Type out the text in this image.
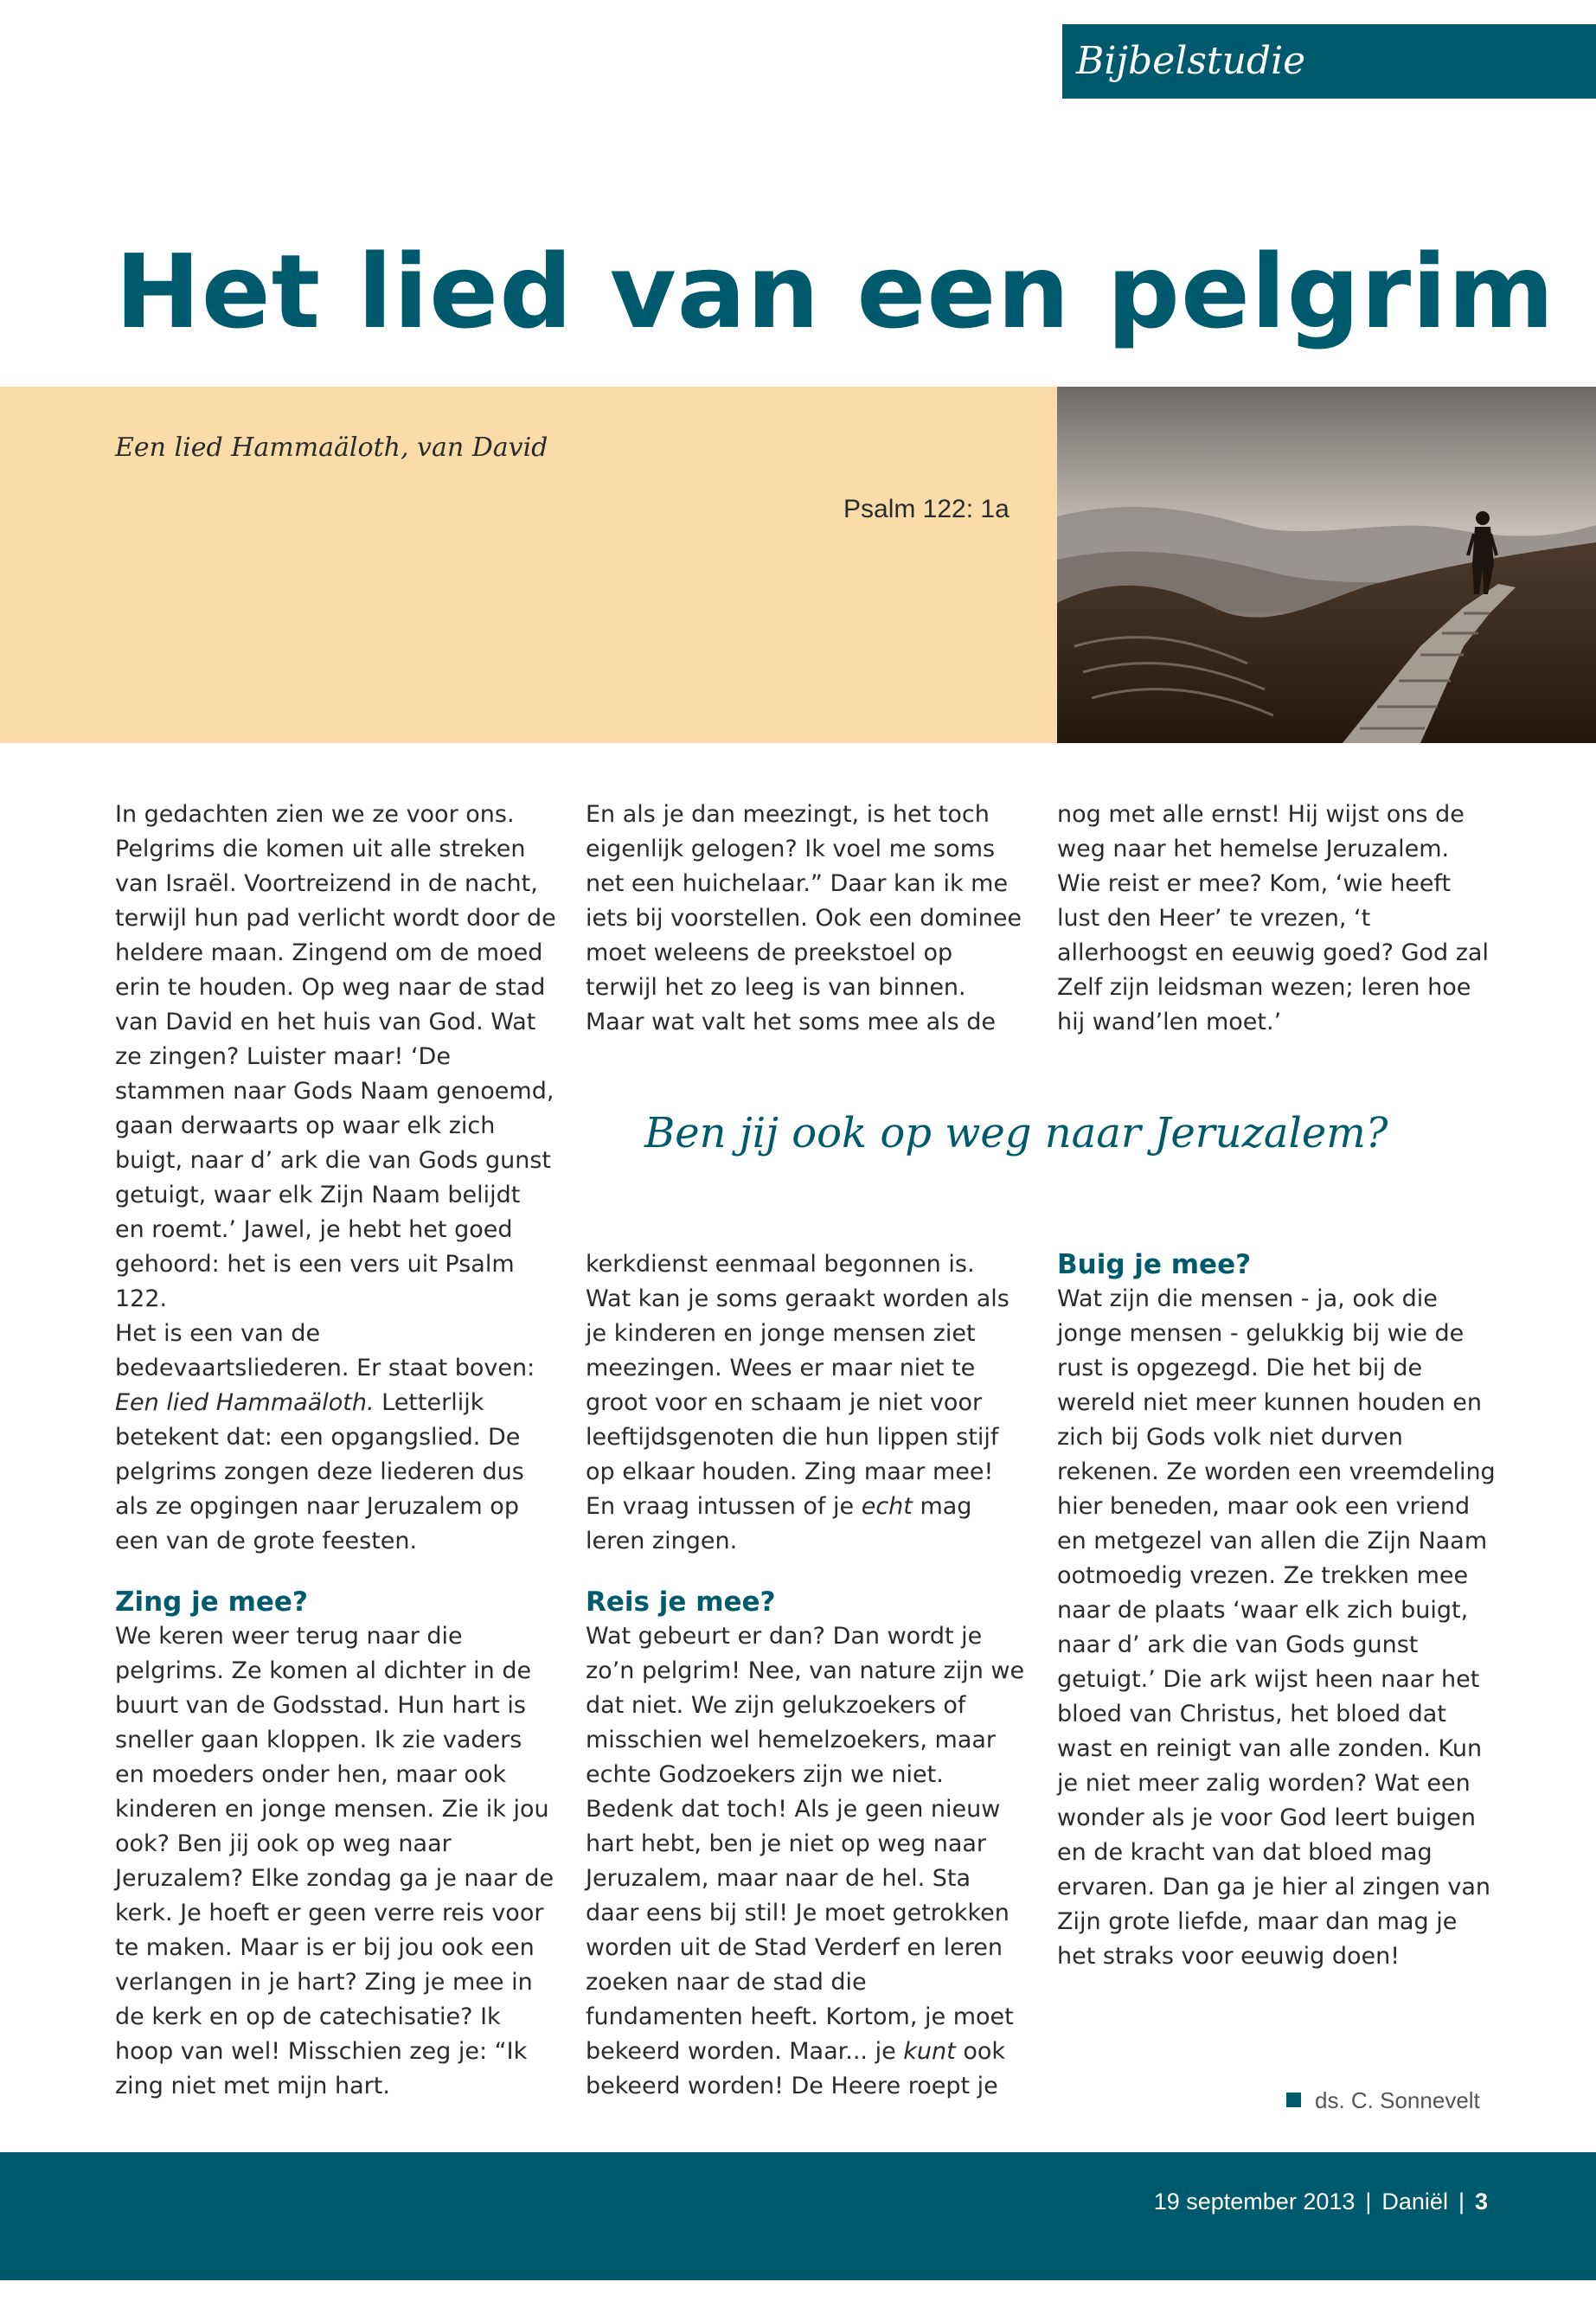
Bijbelstudie
Het lied van een pelgrim

Een lied Hammaäloth, van David

Psalm 122: 1a

In gedachten zien we ze voor ons. Pelgrims die komen uit alle streken van Israël. Voortreizend in de nacht, terwijl hun pad verlicht wordt door de heldere maan. Zingend om de moed erin te houden. Op weg naar de stad van David en het huis van God. Wat ze zingen? Luister maar! ‘De stammen naar Gods Naam genoemd, gaan derwaarts op waar elk zich buigt, naar d’ ark die van Gods gunst getuigt, waar elk Zijn Naam belijdt en roemt.’ Jawel, je hebt het goed gehoord: het is een vers uit Psalm 122.

Het is een van de bedevaartsliederen. Er staat boven: Een lied Hammaäloth. Letterlijk betekent dat: een opgangslied. De pelgrims zongen deze liederen dus als ze opgingen naar Jeruzalem op een van de grote feesten.

Zing je mee?

We keren weer terug naar die pelgrims. Ze komen al dichter in de buurt van de Godsstad. Hun hart is sneller gaan kloppen. Ik zie vaders en moeders onder hen, maar ook kinderen en jonge mensen. Zie ik jou ook? Ben jij ook op weg naar Jeruzalem? Elke zondag ga je naar de kerk. Je hoeft er geen verre reis voor te maken. Maar is er bij jou ook een verlangen in je hart? Zing je mee in de kerk en op de catechisatie? Ik hoop van wel! Misschien zeg je: “Ik zing niet met mijn hart.

En als je dan meezingt, is het toch eigenlijk gelogen? Ik voel me soms net een huichelaar.” Daar kan ik me iets bij voorstellen. Ook een dominee moet weleens de preekstoel op terwijl het zo leeg is van binnen. Maar wat valt het soms mee als de

nog met alle ernst! Hij wijst ons de weg naar het hemelse Jeruzalem. Wie reist er mee? Kom, ‘wie heeft lust den Heer’ te vrezen, ‘t allerhoogst en eeuwig goed? God zal Zelf zijn leidsman wezen; leren hoe hij wand’len moet.’

Ben jij ook op weg naar Jeruzalem?

kerkdienst eenmaal begonnen is. Wat kan je soms geraakt worden als je kinderen en jonge mensen ziet meezingen. Wees er maar niet te groot voor en schaam je niet voor leeftijdsgenoten die hun lippen stijf op elkaar houden. Zing maar mee! En vraag intussen of je echt mag leren zingen.

Reis je mee?

Wat gebeurt er dan? Dan wordt je zo’n pelgrim! Nee, van nature zijn we dat niet. We zijn gelukzoekers of misschien wel hemelzoekers, maar echte Godzoekers zijn we niet. Bedenk dat toch! Als je geen nieuw hart hebt, ben je niet op weg naar Jeruzalem, maar naar de hel. Sta daar eens bij stil! Je moet getrokken worden uit de Stad Verderf en leren zoeken naar de stad die fundamenten heeft. Kortom, je moet bekeerd worden. Maar... je kunt ook bekeerd worden! De Heere roept je

Buig je mee?

Wat zijn die mensen - ja, ook die jonge mensen - gelukkig bij wie de rust is opgezegd. Die het bij de wereld niet meer kunnen houden en zich bij Gods volk niet durven rekenen. Ze worden een vreemdeling hier beneden, maar ook een vriend en metgezel van allen die Zijn Naam ootmoedig vrezen. Ze trekken mee naar de plaats ‘waar elk zich buigt, naar d’ ark die van Gods gunst getuigt.’ Die ark wijst heen naar het bloed van Christus, het bloed dat wast en reinigt van alle zonden. Kun je niet meer zalig worden? Wat een wonder als je voor God leert buigen en de kracht van dat bloed mag ervaren. Dan ga je hier al zingen van Zijn grote liefde, maar dan mag je het straks voor eeuwig doen!

ds. C. Sonnevelt
19 september 2013 | Daniël | 3
